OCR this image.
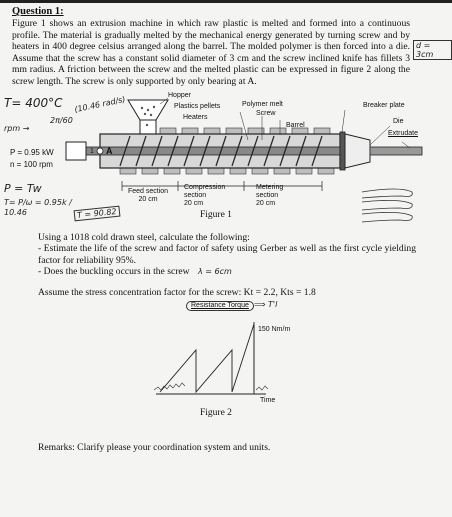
Question 1:
Figure 1 shows an extrusion machine in which raw plastic is melted and formed into a continuous profile. The material is gradually melted by the mechanical energy generated by turning screw and by heaters in 400 degree celsius arranged along the barrel. The molded polymer is then forced into a die. Assume that the screw has a constant solid diameter of 3 cm and the screw inclined knife has fillets 3 mm radius. A friction between the screw and the melted plastic can be expressed in figure 2 along the screw length. The screw is only supported by only bearing at A.
d = 3cm
T= 400°C (10.46 rad/s)
2π/60
rpm →
P = 0.95 kW
n = 100 rpm
P = Tw
T= P/ω = 0.95k / 10.46	T = 90.82
Hopper
Plastics pellets
Heaters
Polymer melt
Screw
Barrel
Breaker plate
Die
Extrudate
1 A
Feed section
20 cm
Compression section
20 cm
Metering section
20 cm
Figure 1
Using a 1018 cold drawn steel, calculate the following:
- Estimate the life of the screw and factor of safety using Gerber as well as the first cycle yielding factor for reliability 95%.
- Does the buckling occurs in the screw λ = 6cm
Assume the stress concentration factor for the screw: Kt = 2.2, Kts = 1.8
Resistance Torque ⟹ T'l
150 Nm/m
Time
Figure 2
Remarks: Clarify please your coordination system and units.
